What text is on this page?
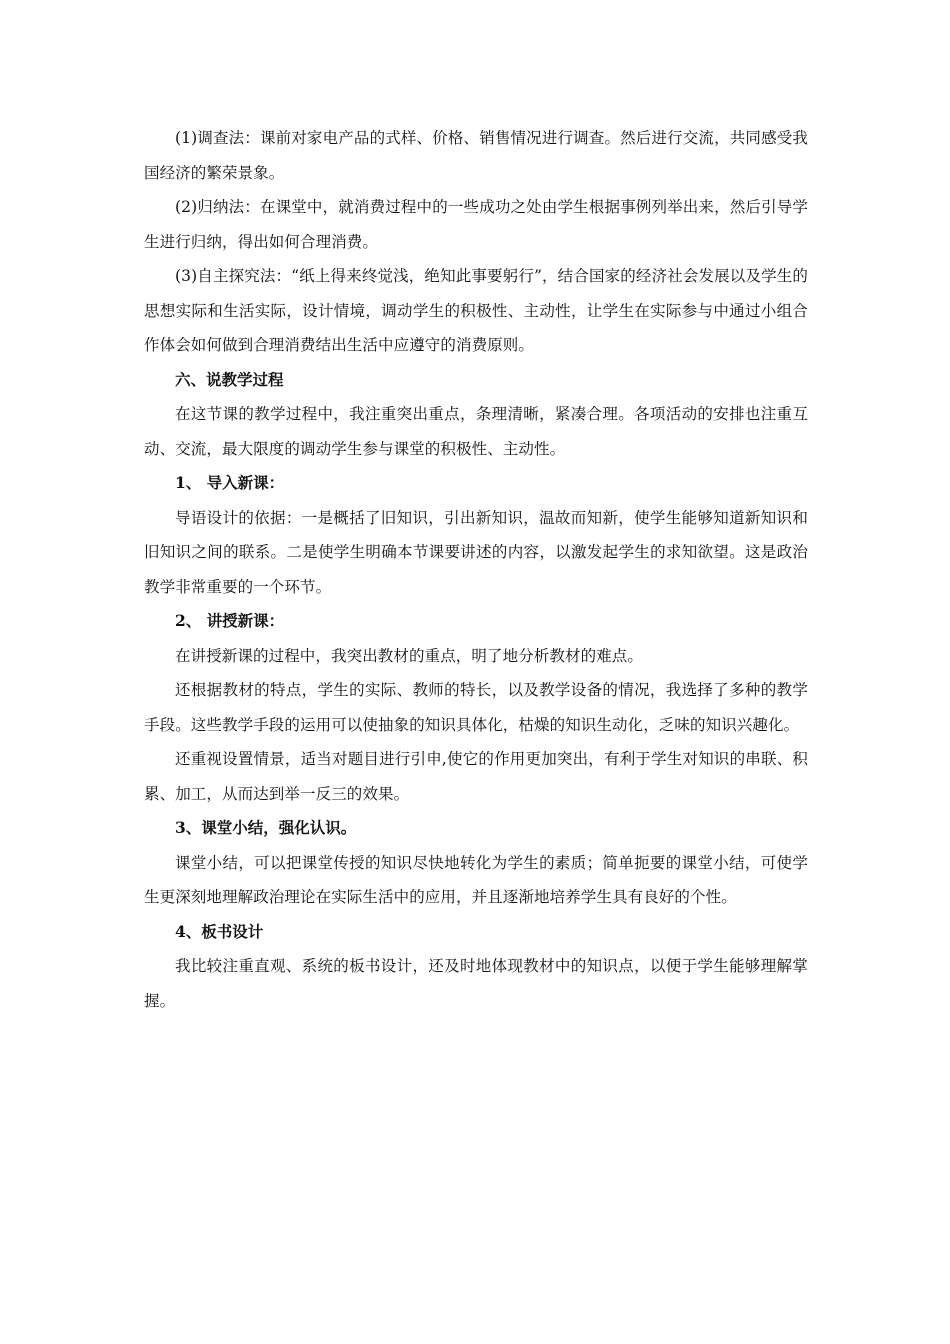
(1)调查法：课前对家电产品的式样、价格、销售情况进行调查。然后进行交流，共同感受我国经济的繁荣景象。

(2)归纳法：在课堂中，就消费过程中的一些成功之处由学生根据事例列举出来，然后引导学生进行归纳，得出如何合理消费。

(3)自主探究法：“纸上得来终觉浅，绝知此事要躬行”，结合国家的经济社会发展以及学生的思想实际和生活实际，设计情境，调动学生的积极性、主动性，让学生在实际参与中通过小组合作体会如何做到合理消费结出生活中应遵守的消费原则。

六、说教学过程

在这节课的教学过程中，我注重突出重点，条理清晰，紧凑合理。各项活动的安排也注重互动、交流，最大限度的调动学生参与课堂的积极性、主动性。

1、 导入新课：

导语设计的依据：一是概括了旧知识，引出新知识，温故而知新，使学生能够知道新知识和旧知识之间的联系。二是使学生明确本节课要讲述的内容，以激发起学生的求知欲望。这是政治教学非常重要的一个环节。

2、 讲授新课：

在讲授新课的过程中，我突出教材的重点，明了地分析教材的难点。

还根据教材的特点，学生的实际、教师的特长，以及教学设备的情况，我选择了多种的教学手段。这些教学手段的运用可以使抽象的知识具体化，枯燥的知识生动化，乏味的知识兴趣化。

还重视设置情景，适当对题目进行引申,使它的作用更加突出，有利于学生对知识的串联、积累、加工，从而达到举一反三的效果。

3、课堂小结，强化认识。

课堂小结，可以把课堂传授的知识尽快地转化为学生的素质；简单扼要的课堂小结，可使学生更深刻地理解政治理论在实际生活中的应用，并且逐渐地培养学生具有良好的个性。

4、板书设计

我比较注重直观、系统的板书设计，还及时地体现教材中的知识点，以便于学生能够理解掌握。
